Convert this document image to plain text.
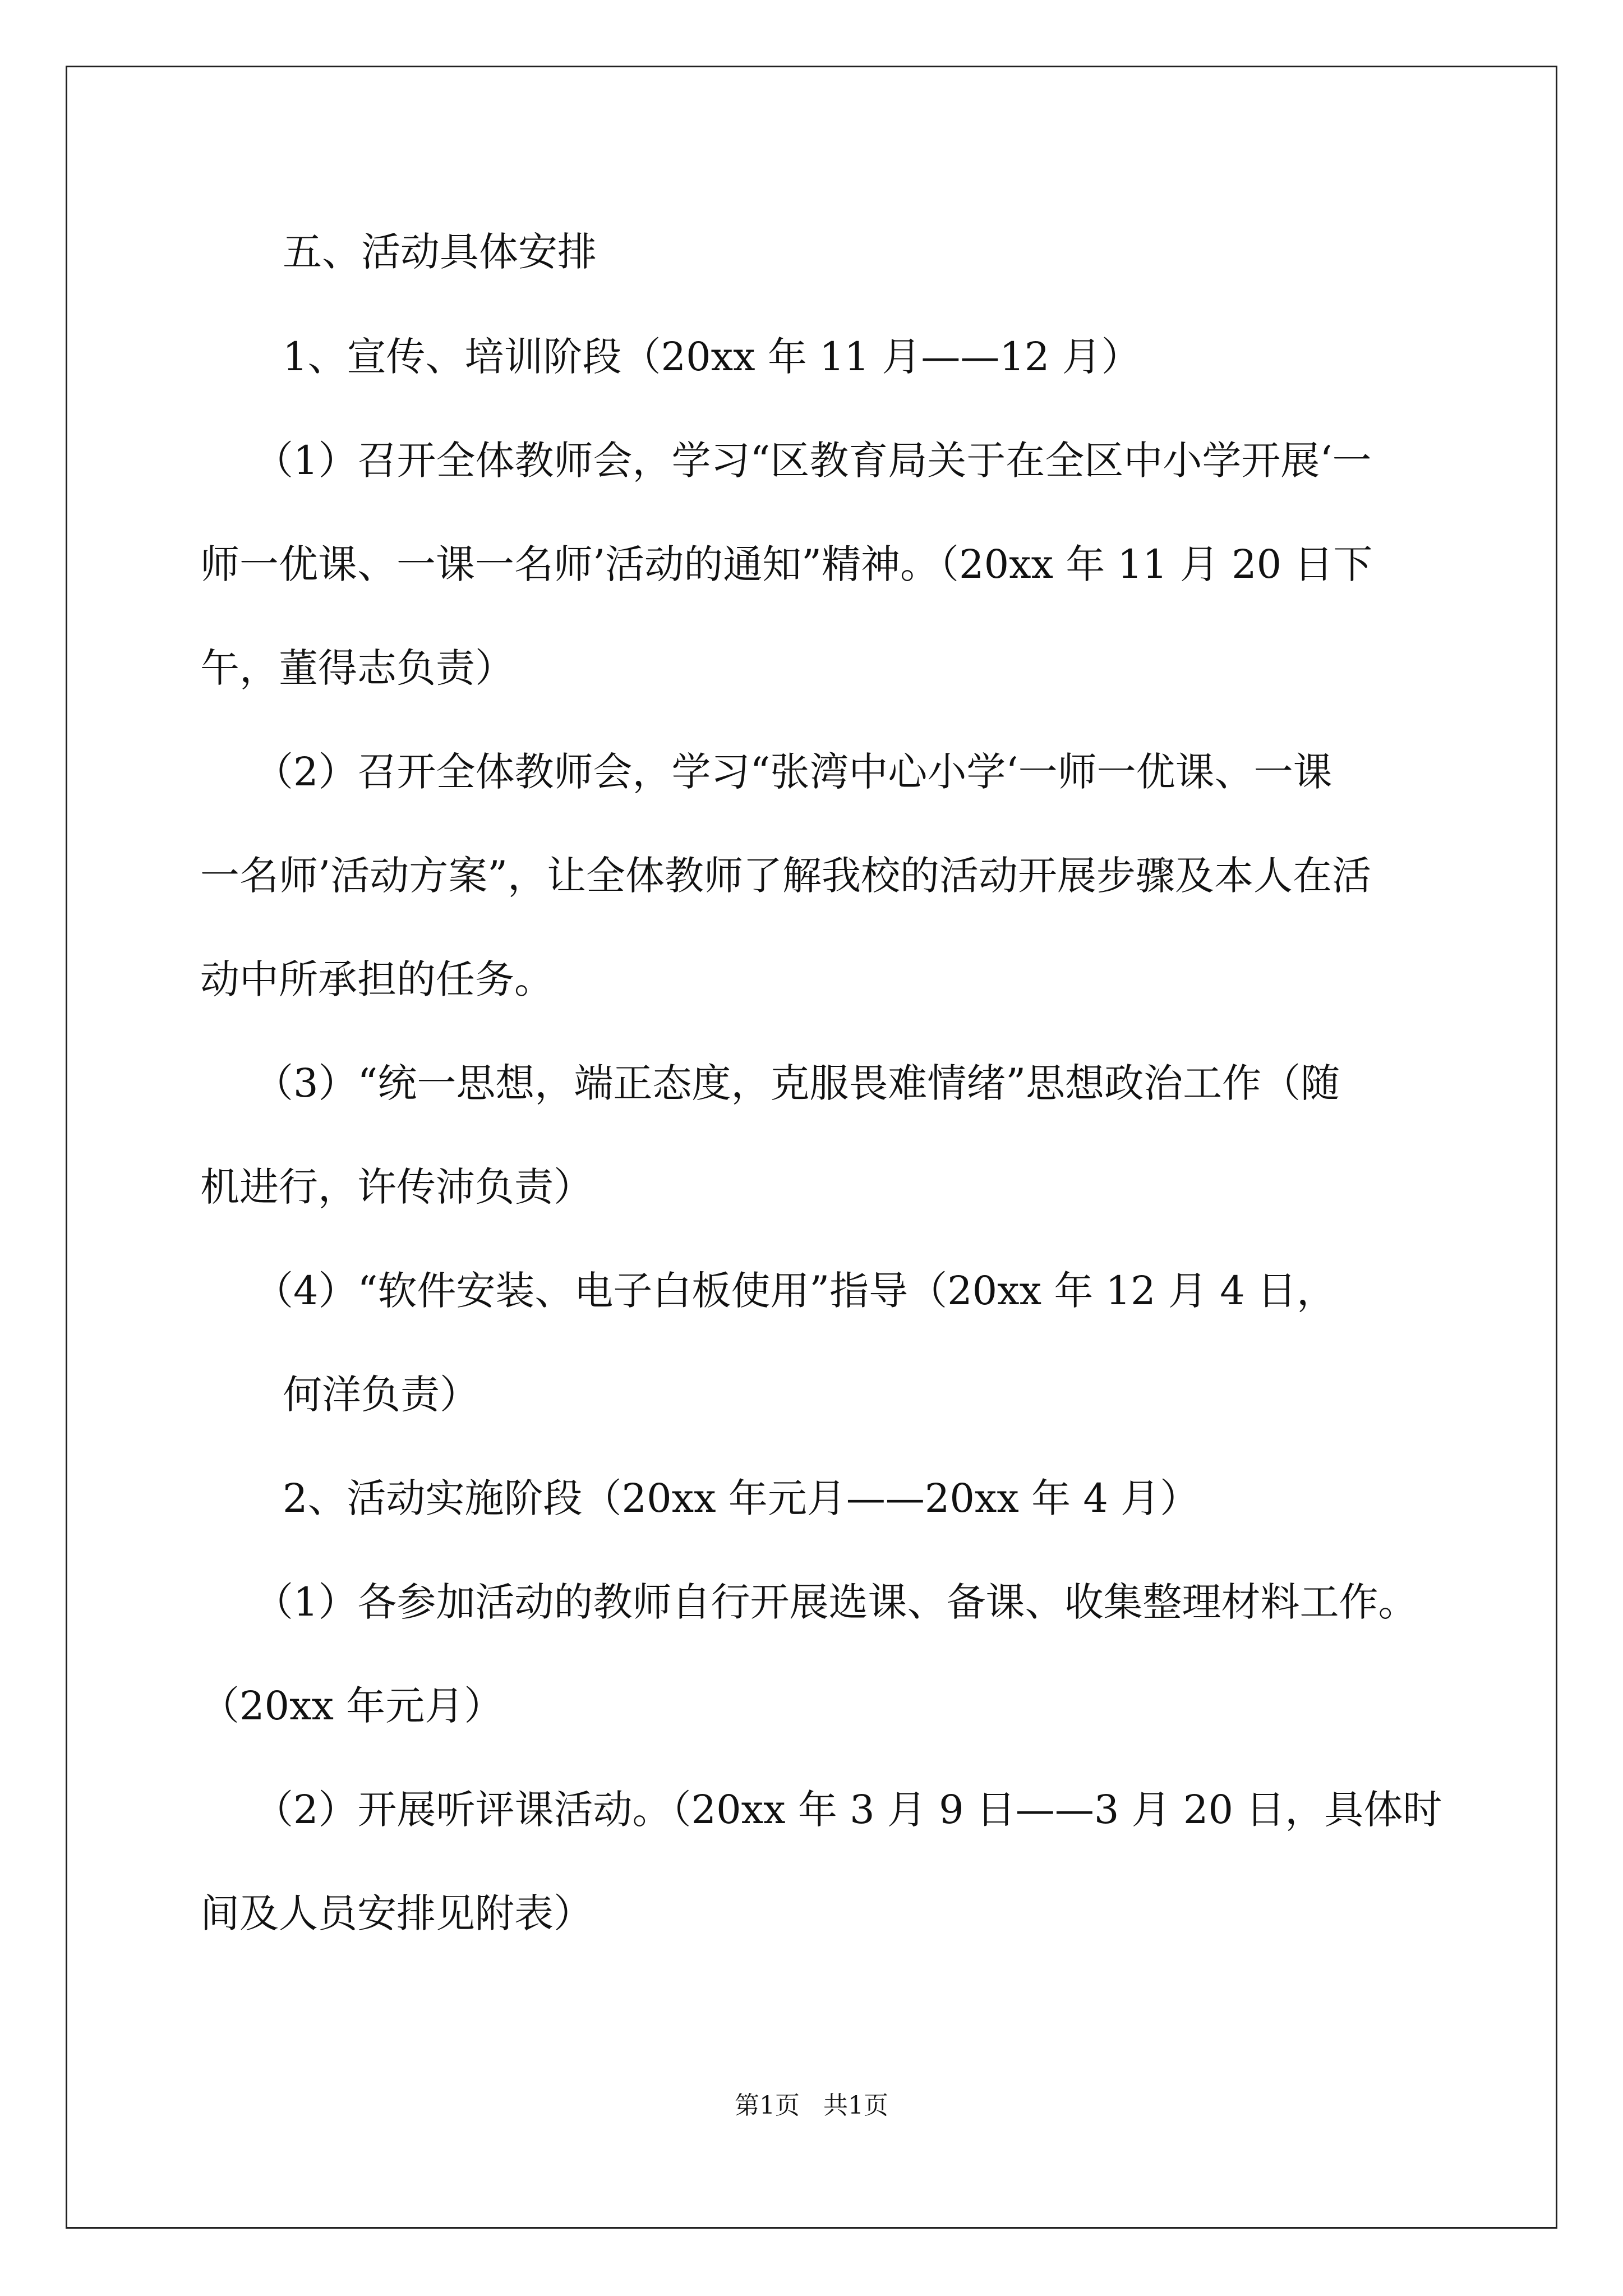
五、活动具体安排
1、宣传、培训阶段（20xx 年 11 月——12 月）
（1）召开全体教师会，学习“区教育局关于在全区中小学开展‘一
师一优课、一课一名师’活动的通知”精神。（20xx 年 11 月 20 日下
午，董得志负责）
（2）召开全体教师会，学习“张湾中心小学‘一师一优课、一课
一名师’活动方案”，让全体教师了解我校的活动开展步骤及本人在活
动中所承担的任务。
（3）“统一思想，端正态度，克服畏难情绪”思想政治工作（随
机进行，许传沛负责）
（4）“软件安装、电子白板使用”指导（20xx 年 12 月 4 日，
何洋负责）
2、活动实施阶段（20xx 年元月——20xx 年 4 月）
（1）各参加活动的教师自行开展选课、备课、收集整理材料工作。
（20xx 年元月）
（2）开展听评课活动。（20xx 年 3 月 9 日——3 月 20 日，具体时
间及人员安排见附表）
第1页   共1页
